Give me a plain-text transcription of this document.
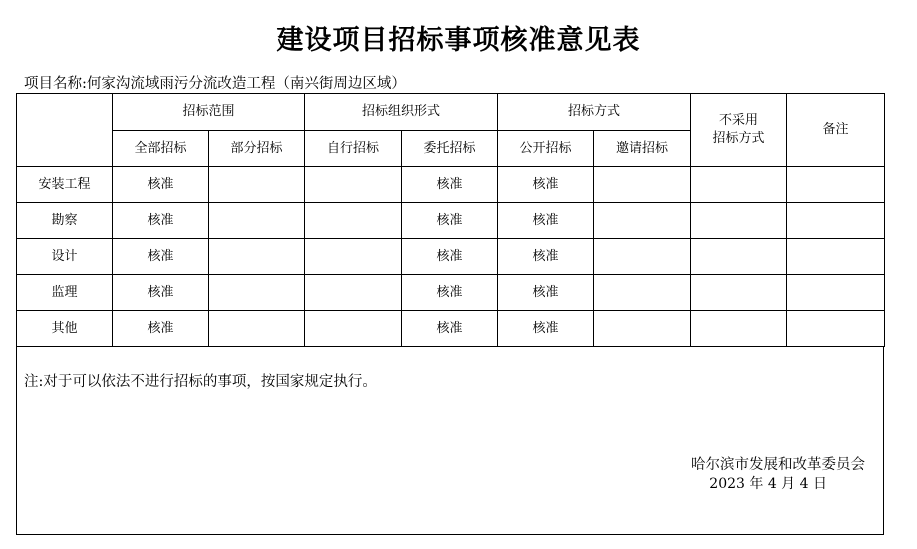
建设项目招标事项核准意见表
项目名称:何家沟流域雨污分流改造工程（南兴街周边区域）
	招标范围		招标组织形式		招标方式		不采用
招标方式	备注
	全部招标	部分招标	自行招标	委托招标	公开招标	邀请招标		
安装工程	核准			核准	核准			
勘察	核准			核准	核准			
设计	核准			核准	核准			
监理	核准			核准	核准			
其他	核准			核准	核准			
注:对于可以依法不进行招标的事项，按国家规定执行。
哈尔滨市发展和改革委员会
2023 年 4 月 4 日
